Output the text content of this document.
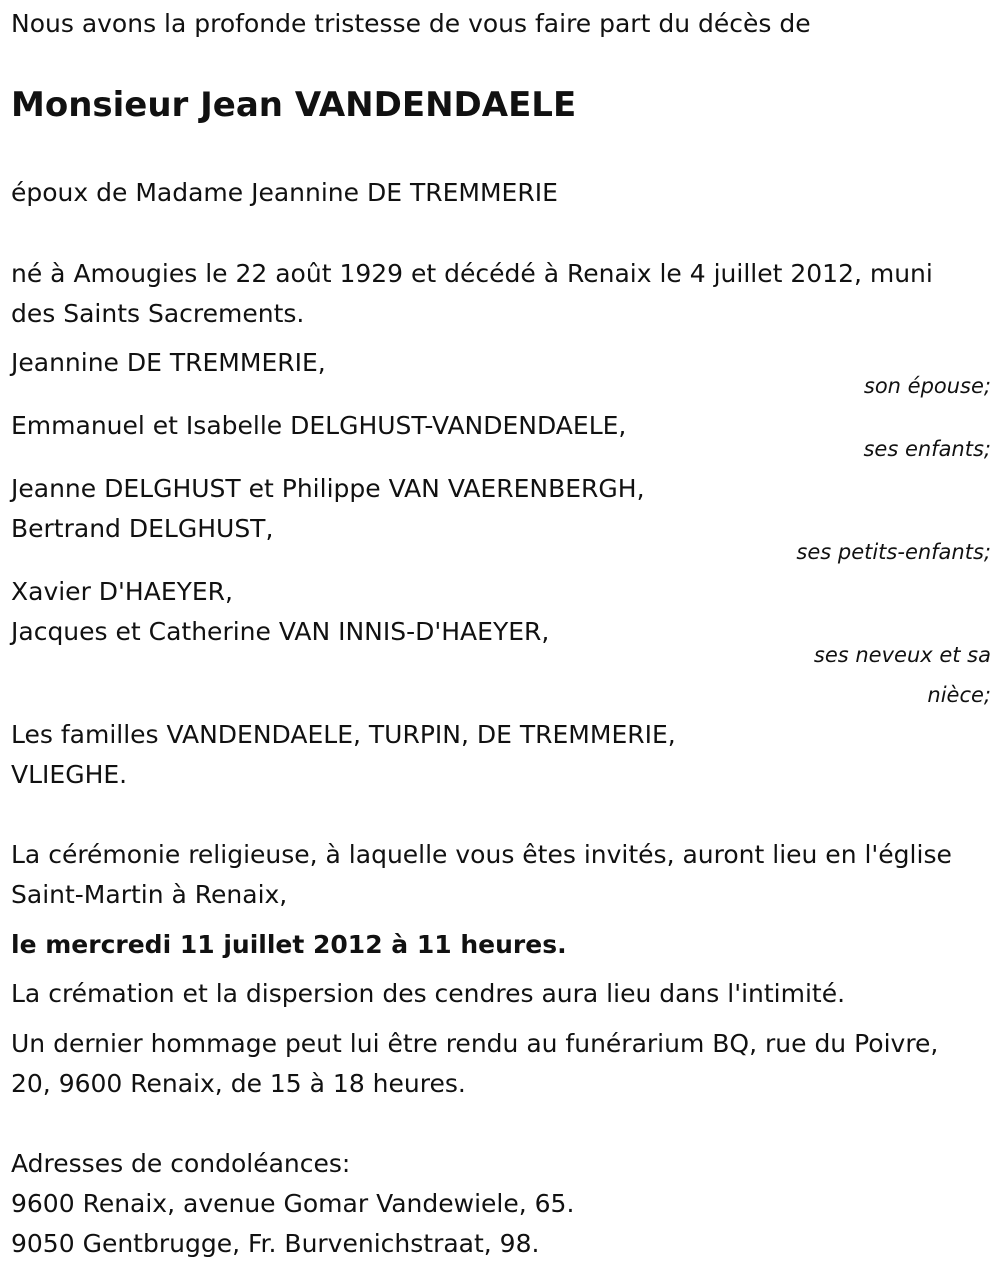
Nous avons la profonde tristesse de vous faire part du décès de

Monsieur Jean VANDENDAELE

époux de Madame Jeannine DE TREMMERIE

né à Amougies le 22 août 1929 et décédé à Renaix le 4 juillet 2012, muni des Saints Sacrements.

Jeannine DE TREMMERIE,

son épouse;

Emmanuel et Isabelle DELGHUST-VANDENDAELE,

ses enfants;

Jeanne DELGHUST et Philippe VAN VAERENBERGH,

Bertrand DELGHUST,

ses petits-enfants;

Xavier D'HAEYER,

Jacques et Catherine VAN INNIS-D'HAEYER,

ses neveux et sa nièce;

Les familles VANDENDAELE, TURPIN, DE TREMMERIE,

VLIEGHE.

La cérémonie religieuse, à laquelle vous êtes invités, auront lieu en l'église Saint-Martin à Renaix,

le mercredi 11 juillet 2012 à 11 heures.

La crémation et la dispersion des cendres aura lieu dans l'intimité.

Un dernier hommage peut lui être rendu au funérarium BQ, rue du Poivre, 20, 9600 Renaix, de 15 à 18 heures.

Adresses de condoléances:

9600 Renaix, avenue Gomar Vandewiele, 65.

9050 Gentbrugge, Fr. Burvenichstraat, 98.
